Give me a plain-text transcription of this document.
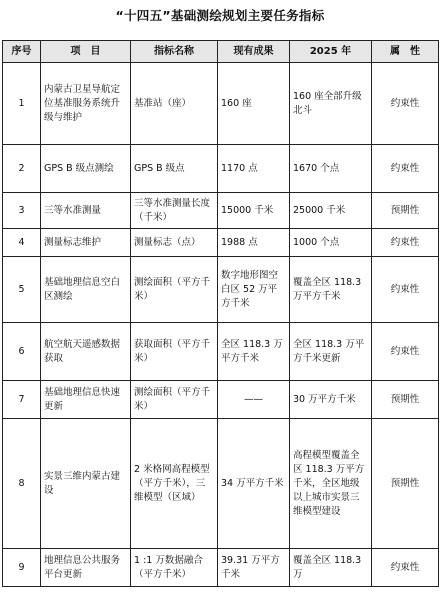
“十四五”基础测绘规划主要任务指标
序号	项　目	指标名称	现有成果	2025 年	属　性
1	内蒙古卫星导航定位基准服务系统升级与维护	基准站（座）	160 座	160 座全部升级北斗	约束性
2	GPS B 级点测绘	GPS B 级点	1170 点	1670 个点	约束性
3	三等水准测量	三等水准测量长度（千米）	15000 千米	25000 千米	预期性
4	测量标志维护	测量标志（点）	1988 点	1000 个点	约束性
5	基础地理信息空白区测绘	测绘面积（平方千米）	数字地形图空白区 52 万平方千米	覆盖全区 118.3 万平方千米	约束性
6	航空航天遥感数据获取	获取面积（平方千米）	全区 118.3 万平方千米	全区 118.3 万平方千米更新	约束性
7	基础地理信息快速更新	测绘面积（平方千米）	——	30 万平方千米	预期性
8	实景三维内蒙古建设	2 米格网高程模型（平方千米），三维模型（区域）	34 万平方千米	高程模型覆盖全区 118.3 万平方千米，全区地级以上城市实景三维模型建设	预期性
9	地理信息公共服务平台更新	1 :1 万数据融合（平方千米）	39.31 万平方千米	覆盖全区 118.3 万	约束性
